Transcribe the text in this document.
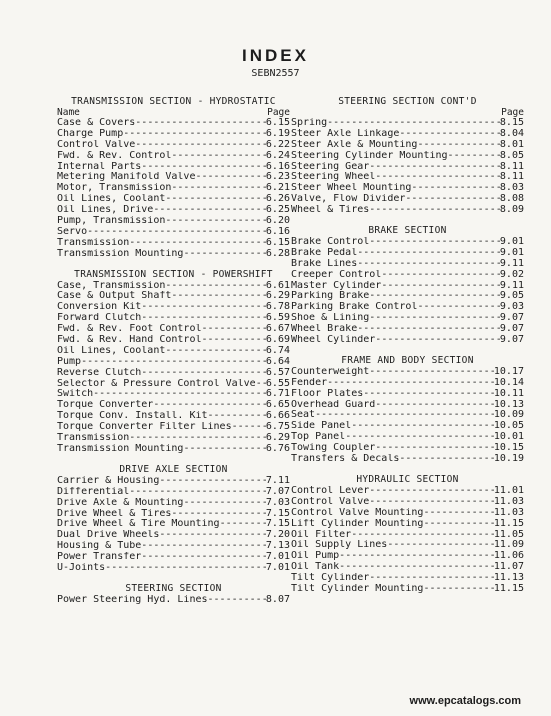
INDEX
SEBN2557
TRANSMISSION SECTION - HYDROSTATIC
Name	Page
Case & Covers -----	6.15
Charge Pump -----	6.19
Control Valve -----	6.22
Fwd. & Rev. Control -----	6.24
Internal Parts -----	6.16
Metering Manifold Valve -----	6.23
Motor, Transmission -----	6.21
Oil Lines, Coolant -----	6.26
Oil Lines, Drive -----	6.25
Pump, Transmission -----	6.20
Servo -----	6.16
Transmission -----	6.15
Transmission Mounting -----	6.28
TRANSMISSION SECTION - POWERSHIFT
Case, Transmission -----	6.61
Case & Output Shaft -----	6.29
Conversion Kit -----	6.78
Forward Clutch -----	6.59
Fwd. & Rev. Foot Control -----	6.67
Fwd. & Rev. Hand Control -----	6.69
Oil Lines, Coolant -----	6.74
Pump -----	6.64
Reverse Clutch -----	6.57
Selector & Pressure Control Valve ----- 6.55
Switch -----	6.71
Torque Converter -----	6.65
Torque Conv. Install. Kit -----	6.66
Torque Converter Filter Lines -----	6.75
Transmission -----	6.29
Transmission Mounting -----	6.76
DRIVE AXLE SECTION
Carrier & Housing -----	7.11
Differential -----	7.07
Drive Axle & Mounting -----	7.03
Drive Wheel & Tires -----	7.15
Drive Wheel & Tire Mounting -----	7.15
Dual Drive Wheels -----	7.20
Housing & Tube -----	7.13
Power Transfer -----	7.01
U-Joints -----	7.01
STEERING SECTION
Power Steering Hyd. Lines -----	8.07
STEERING SECTION CONT'D
Page
Spring -----	8.15
Steer Axle Linkage -----	8.04
Steer Axle & Mounting -----	8.01
Steering Cylinder Mounting -----	8.05
Steering Gear -----	8.11
Steering Wheel -----	8.11
Steer Wheel Mounting -----	8.03
Valve, Flow Divider -----	8.08
Wheel & Tires -----	8.09
BRAKE SECTION
Brake Control -----	9.01
Brake Pedal -----	9.01
Brake Lines -----	9.11
Creeper Control -----	9.02
Master Cylinder -----	9.11
Parking Brake -----	9.05
Parking Brake Control -----	9.03
Shoe & Lining -----	9.07
Wheel Brake -----	9.07
Wheel Cylinder -----	9.07
FRAME AND BODY SECTION
Counterweight -----	10.17
Fender -----	10.14
Floor Plates -----	10.11
Overhead Guard -----	10.13
Seat -----	10.09
Side Panel -----	10.05
Top Panel -----	10.01
Towing Coupler -----	10.15
Transfers & Decals -----	10.19
HYDRAULIC SECTION
Control Lever -----	11.01
Control Valve -----	11.03
Control Valve Mounting -----	11.03
Lift Cylinder Mounting -----	11.15
Oil Filter -----	11.05
Oil Supply Lines -----	11.09
Oil Pump -----	11.06
Oil Tank -----	11.07
Tilt Cylinder -----	11.13
Tilt Cylinder Mounting -----	11.15
www.epcatalogs.com
